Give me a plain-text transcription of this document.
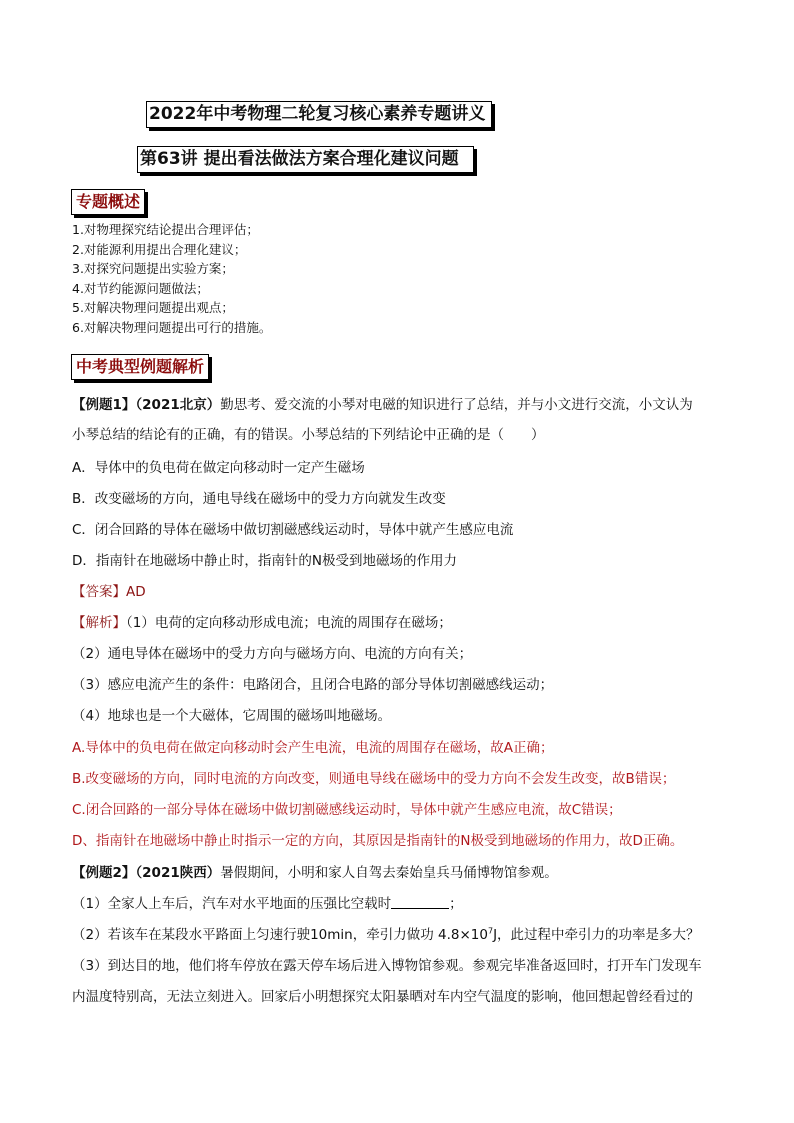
2022年中考物理二轮复习核心素养专题讲义
第63讲 提出看法做法方案合理化建议问题
专题概述
1.对物理探究结论提出合理评估；
2.对能源利用提出合理化建议；
3.对探究问题提出实验方案；
4.对节约能源问题做法；
5.对解决物理问题提出观点；
6.对解决物理问题提出可行的措施。
中考典型例题解析
【例题1】（2021北京）勤思考、爱交流的小琴对电磁的知识进行了总结，并与小文进行交流，小文认为
小琴总结的结论有的正确，有的错误。小琴总结的下列结论中正确的是（　　）
A．导体中的负电荷在做定向移动时一定产生磁场
B．改变磁场的方向，通电导线在磁场中的受力方向就发生改变
C．闭合回路的导体在磁场中做切割磁感线运动时，导体中就产生感应电流
D．指南针在地磁场中静止时，指南针的N极受到地磁场的作用力
【答案】AD
【解析】（1）电荷的定向移动形成电流；电流的周围存在磁场；
（2）通电导体在磁场中的受力方向与磁场方向、电流的方向有关；
（3）感应电流产生的条件：电路闭合，且闭合电路的部分导体切割磁感线运动；
（4）地球也是一个大磁体，它周围的磁场叫地磁场。
A.导体中的负电荷在做定向移动时会产生电流，电流的周围存在磁场，故A正确；
B.改变磁场的方向，同时电流的方向改变，则通电导线在磁场中的受力方向不会发生改变，故B错误；
C.闭合回路的一部分导体在磁场中做切割磁感线运动时，导体中就产生感应电流，故C错误；
D、指南针在地磁场中静止时指示一定的方向，其原因是指南针的N极受到地磁场的作用力，故D正确。
【例题2】（2021陕西）暑假期间，小明和家人自驾去秦始皇兵马俑博物馆参观。
（1）全家人上车后，汽车对水平地面的压强比空载时	；
（2）若该车在某段水平路面上匀速行驶10min，牵引力做功 $4.8\times 10^7J$，此过程中牵引力的功率是多大？
（3）到达目的地，他们将车停放在露天停车场后进入博物馆参观。参观完毕准备返回时，打开车门发现车
内温度特别高，无法立刻进入。回家后小明想探究太阳暴晒对车内空气温度的影响，他回想起曾经看过的
